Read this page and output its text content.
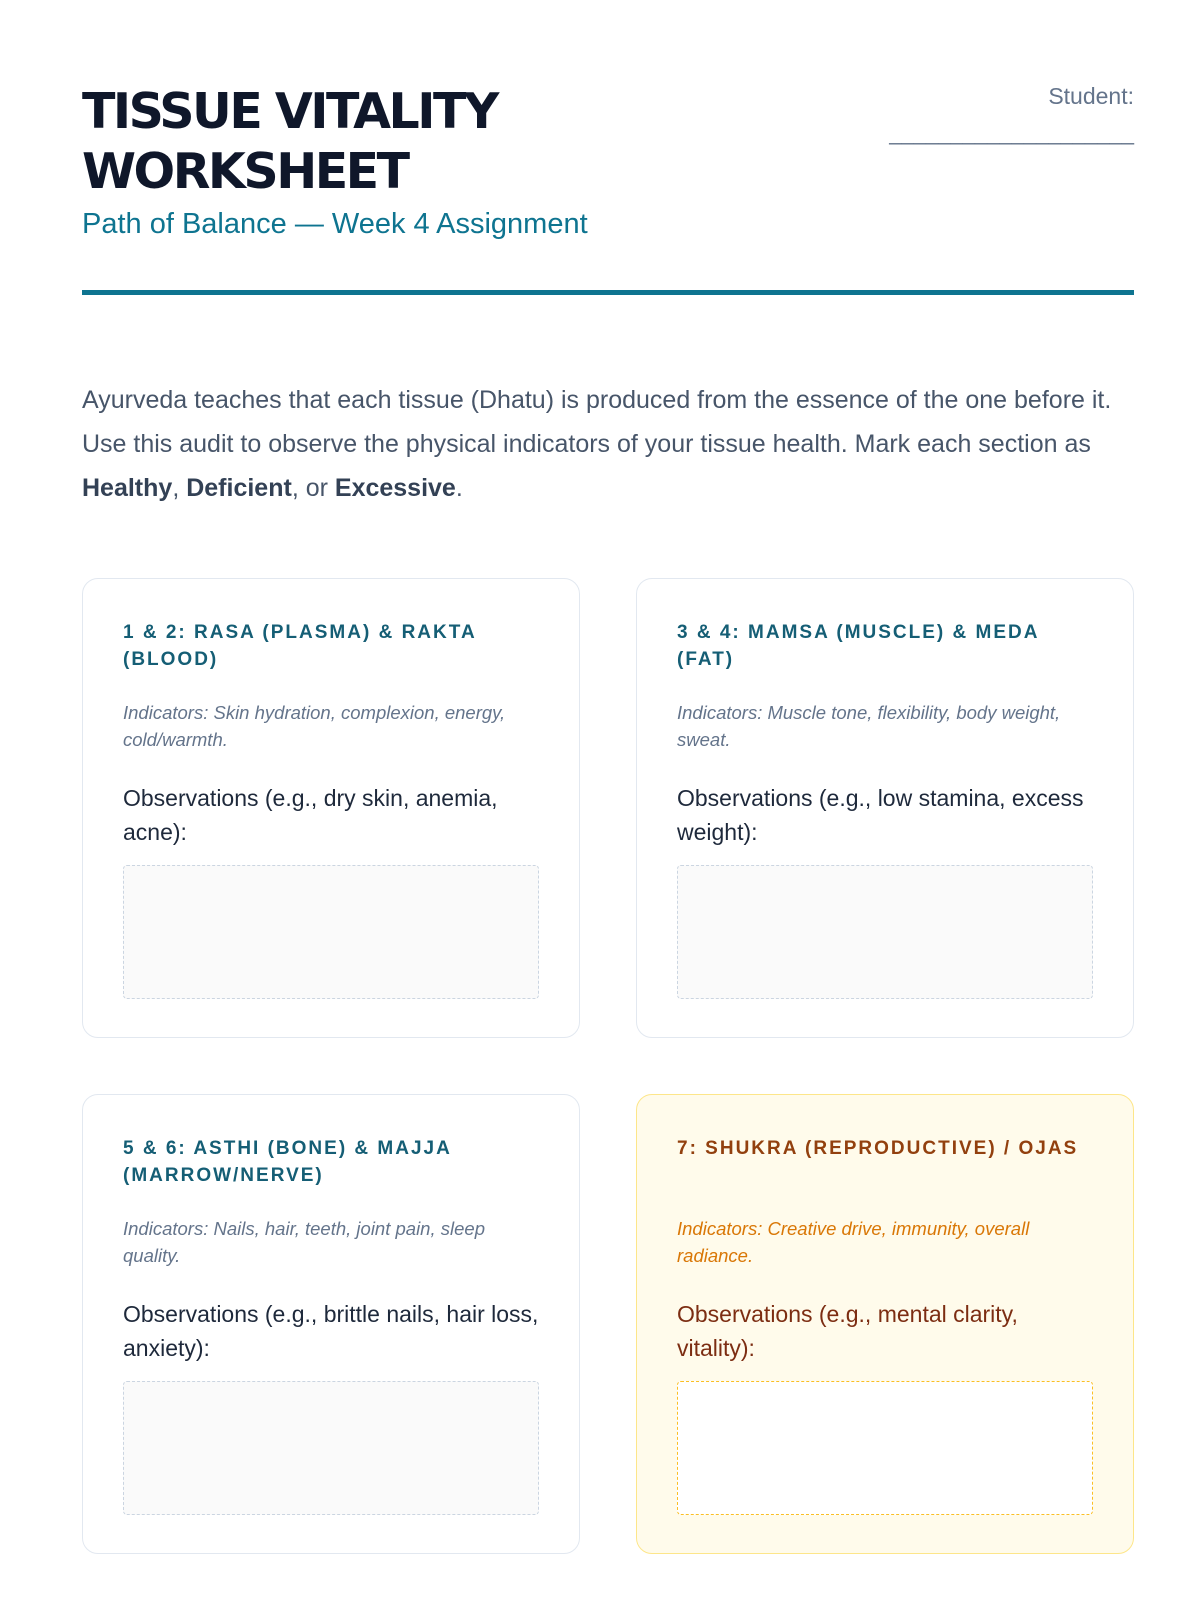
TISSUE VITALITY WORKSHEET
Path of Balance — Week 4 Assignment
Student:
____________________

Ayurveda teaches that each tissue (Dhatu) is produced from the essence of the one before it. Use this audit to observe the physical indicators of your tissue health. Mark each section as Healthy, Deficient, or Excessive.

1 & 2: RASA (PLASMA) & RAKTA (BLOOD)
Indicators: Skin hydration, complexion, energy, cold/warmth.
Observations (e.g., dry skin, anemia, acne):
3 & 4: MAMSA (MUSCLE) & MEDA (FAT)
Indicators: Muscle tone, flexibility, body weight, sweat.
Observations (e.g., low stamina, excess weight):
5 & 6: ASTHI (BONE) & MAJJA (MARROW/NERVE)
Indicators: Nails, hair, teeth, joint pain, sleep quality.
Observations (e.g., brittle nails, hair loss, anxiety):
7: SHUKRA (REPRODUCTIVE) / OJAS
Indicators: Creative drive, immunity, overall radiance.
Observations (e.g., mental clarity, vitality):
